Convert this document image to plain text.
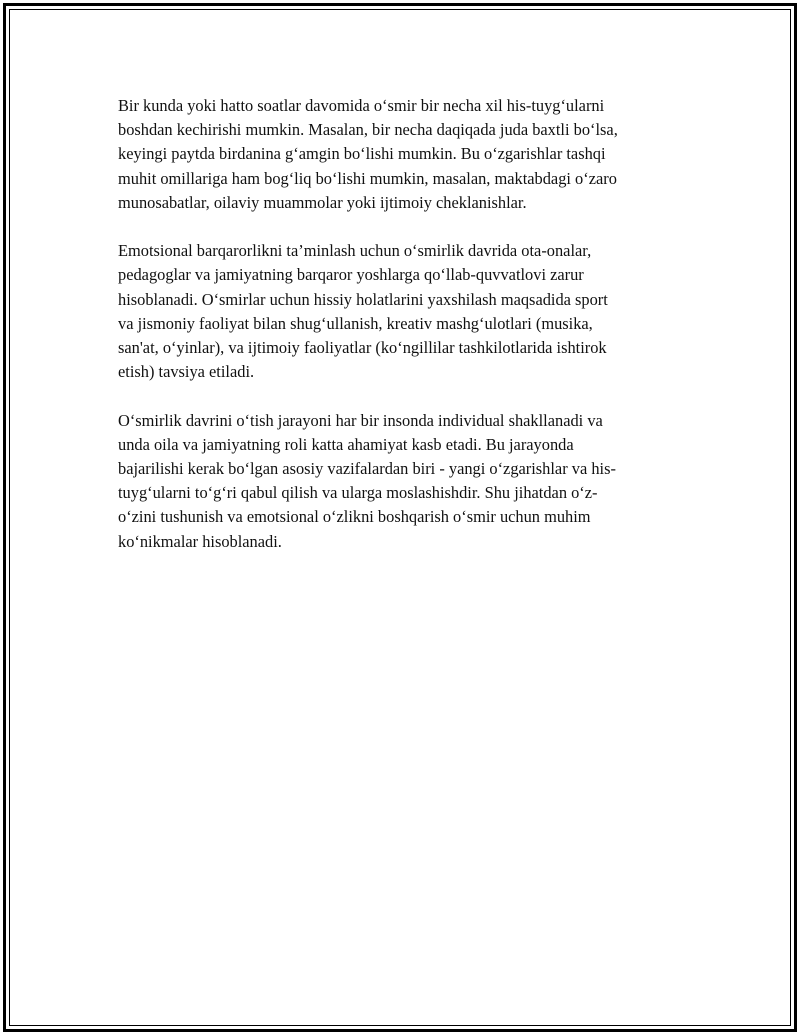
Bir kunda yoki hatto soatlar davomida oʻsmir bir necha xil his-tuygʻularni
boshdan kechirishi mumkin. Masalan, bir necha daqiqada juda baxtli boʻlsa,
keyingi paytda birdanina gʻamgin boʻlishi mumkin. Bu oʻzgarishlar tashqi
muhit omillariga ham bogʻliq boʻlishi mumkin, masalan, maktabdagi oʻzaro
munosabatlar, oilaviy muammolar yoki ijtimoiy cheklanishlar.

Emotsional barqarorlikni ta’minlash uchun oʻsmirlik davrida ota-onalar,
pedagoglar va jamiyatning barqaror yoshlarga qoʻllab-quvvatlovi zarur
hisoblanadi. Oʻsmirlar uchun hissiy holatlarini yaxshilash maqsadida sport
va jismoniy faoliyat bilan shugʻullanish, kreativ mashgʻulotlari (musika,
san'at, oʻyinlar), va ijtimoiy faoliyatlar (koʻngillilar tashkilotlarida ishtirok
etish) tavsiya etiladi.

Oʻsmirlik davrini oʻtish jarayoni har bir insonda individual shakllanadi va
unda oila va jamiyatning roli katta ahamiyat kasb etadi. Bu jarayonda
bajarilishi kerak boʻlgan asosiy vazifalardan biri - yangi oʻzgarishlar va his-
tuygʻularni toʻgʻri qabul qilish va ularga moslashishdir. Shu jihatdan oʻz-
oʻzini tushunish va emotsional oʻzlikni boshqarish oʻsmir uchun muhim
koʻnikmalar hisoblanadi.
